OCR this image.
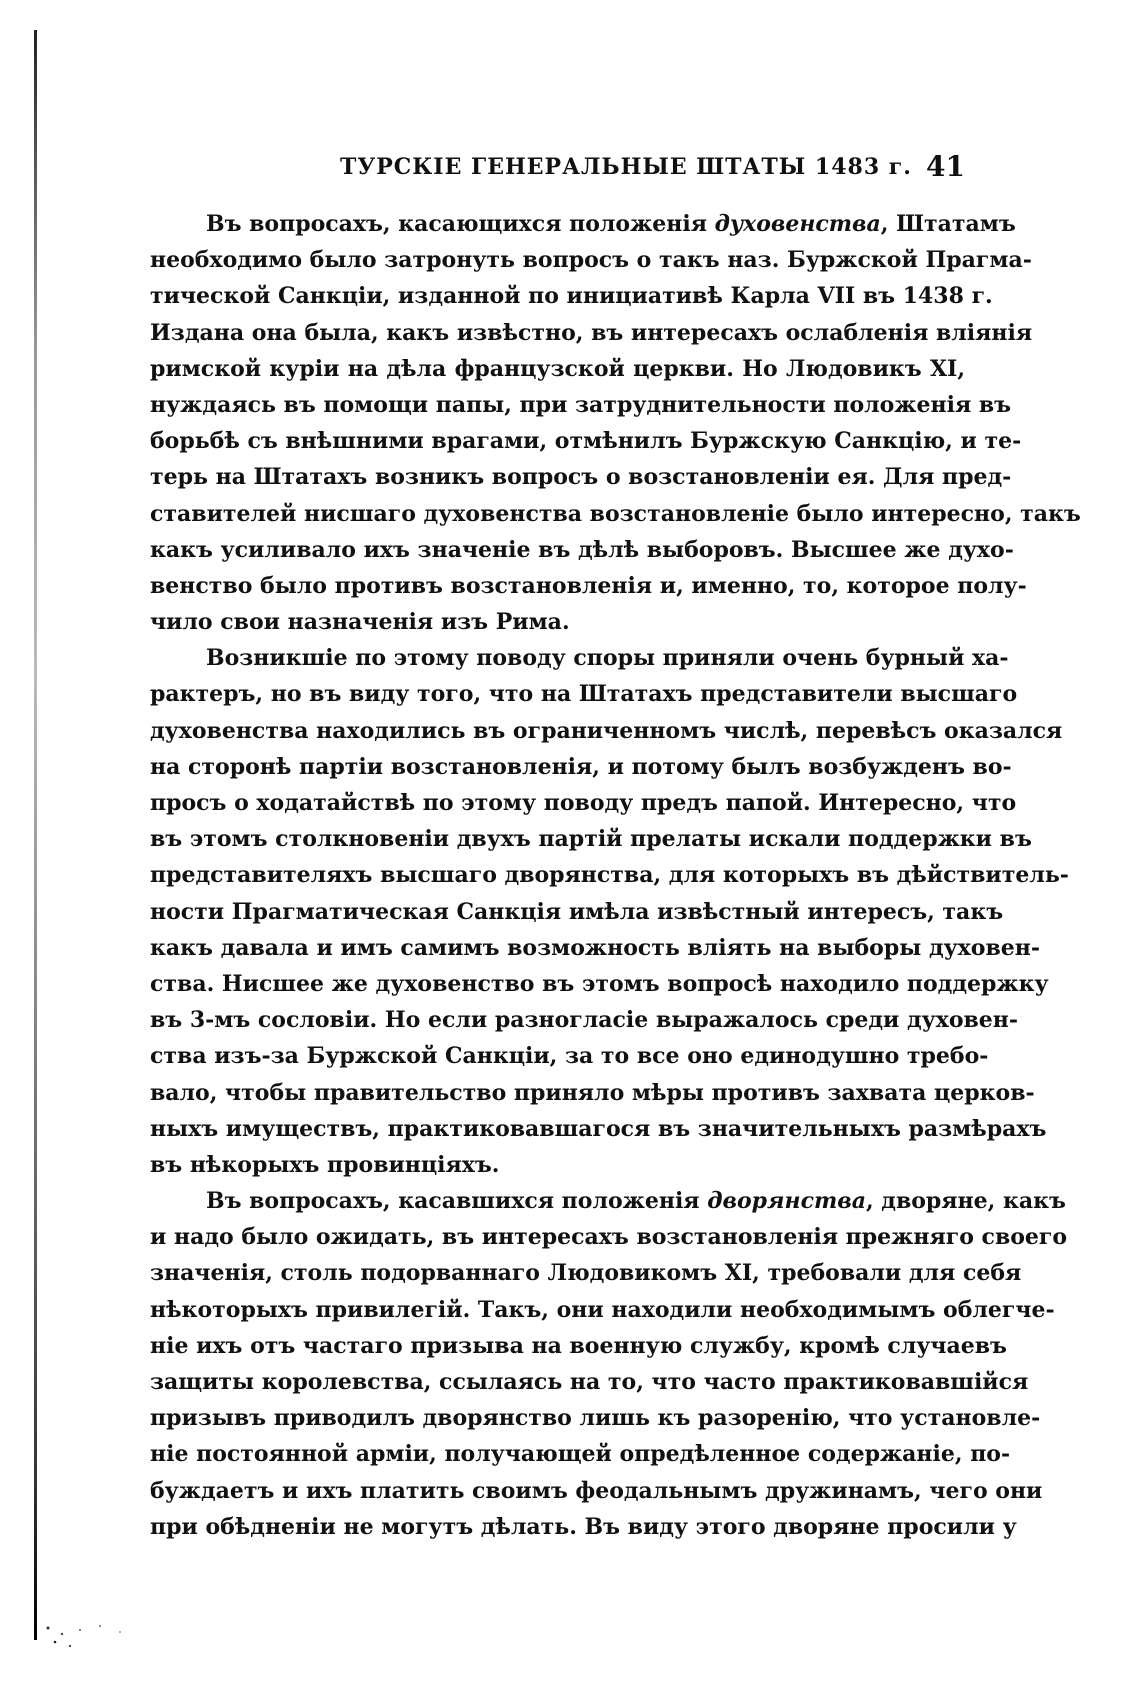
ТУРСКІЕ ГЕНЕРАЛЬНЫЕ ШТАТЫ 1483 г. 41
Въ вопросахъ, касающихся положенія духовенства, Штатамъ
необходимо было затронуть вопросъ о такъ наз. Буржской Прагма-
тической Санкціи, изданной по инициативѣ Карла VII въ 1438 г.
Издана она была, какъ извѣстно, въ интересахъ ослабленія вліянія
римской куріи на дѣла французской церкви. Но Людовикъ XI,
нуждаясь въ помощи папы, при затруднительности положенія въ
борьбѣ съ внѣшними врагами, отмѣнилъ Буржскую Санкцію, и те-
терь на Штатахъ возникъ вопросъ о возстановленіи ея. Для пред-
ставителей нисшаго духовенства возстановленіе было интересно, такъ
какъ усиливало ихъ значеніе въ дѣлѣ выборовъ. Высшее же духо-
венство было противъ возстановленія и, именно, то, которое полу-
чило свои назначенія изъ Рима.
Возникшіе по этому поводу споры приняли очень бурный ха-
рактеръ, но въ виду того, что на Штатахъ представители высшаго
духовенства находились въ ограниченномъ числѣ, перевѣсъ оказался
на сторонѣ партіи возстановленія, и потому былъ возбужденъ во-
просъ о ходатайствѣ по этому поводу предъ папой. Интересно, что
въ этомъ столкновеніи двухъ партій прелаты искали поддержки въ
представителяхъ высшаго дворянства, для которыхъ въ дѣйствитель-
ности Прагматическая Санкція имѣла извѣстный интересъ, такъ
какъ давала и имъ самимъ возможность влiять на выборы духовен-
ства. Нисшее же духовенство въ этомъ вопросѣ находило поддержку
въ 3-мъ сословіи. Но если разногласіе выражалось среди духовен-
ства изъ-за Буржской Санкціи, за то все оно единодушно требо-
вало, чтобы правительство приняло мѣры противъ захвата церков-
ныхъ имуществъ, практиковавшагося въ значительныхъ размѣрахъ
въ нѣкорыхъ провинціяхъ.
Въ вопросахъ, касавшихся положенія дворянства, дворяне, какъ
и надо было ожидать, въ интересахъ возстановленія прежняго своего
значенія, столь подорваннаго Людовикомъ XI, требовали для себя
нѣкоторыхъ привилегій. Такъ, они находили необходимымъ облегче-
ніе ихъ отъ частаго призыва на военную службу, кромѣ случаевъ
защиты королевства, ссылаясь на то, что часто практиковавшійся
призывъ приводилъ дворянство лишь къ разоренію, что установле-
ніе постоянной арміи, получающей опредѣленное содержаніе, по-
буждаетъ и ихъ платить своимъ феодальнымъ дружинамъ, чего они
при обѣдненіи не могутъ дѣлать. Въ виду этого дворяне просили у
